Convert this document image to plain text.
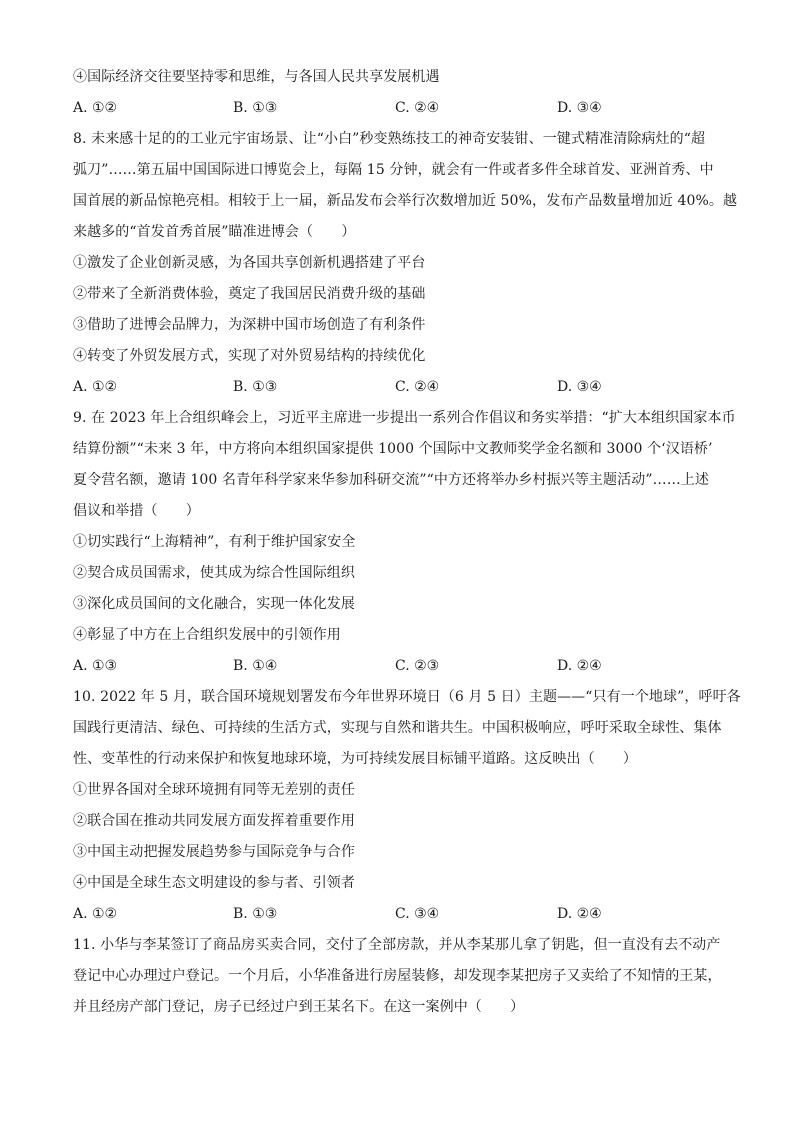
④国际经济交往要坚持零和思维，与各国人民共享发展机遇
A. ①②	B. ①③	C. ②④	D. ③④
8. 未来感十足的的工业元宇宙场景、让“小白”秒变熟练技工的神奇安装钳、一键式精准清除病灶的“超
弧刀”……第五届中国国际进口博览会上，每隔 15 分钟，就会有一件或者多件全球首发、亚洲首秀、中
国首展的新品惊艳亮相。相较于上一届，新品发布会举行次数增加近 50%，发布产品数量增加近 40%。越
来越多的“首发首秀首展”瞄准进博会（　　）
①激发了企业创新灵感，为各国共享创新机遇搭建了平台
②带来了全新消费体验，奠定了我国居民消费升级的基础
③借助了进博会品牌力，为深耕中国市场创造了有利条件
④转变了外贸发展方式，实现了对外贸易结构的持续优化
A. ①②	B. ①③	C. ②④	D. ③④
9. 在 2023 年上合组织峰会上，习近平主席进一步提出一系列合作倡议和务实举措：“扩大本组织国家本币
结算份额”“未来 3 年，中方将向本组织国家提供 1000 个国际中文教师奖学金名额和 3000 个‘汉语桥’
夏令营名额，邀请 100 名青年科学家来华参加科研交流”“中方还将举办乡村振兴等主题活动”……上述
倡议和举措（　　）
①切实践行“上海精神”，有利于维护国家安全
②契合成员国需求，使其成为综合性国际组织
③深化成员国间的文化融合，实现一体化发展
④彰显了中方在上合组织发展中的引领作用
A. ①③	B. ①④	C. ②③	D. ②④
10. 2022 年 5 月，联合国环境规划署发布今年世界环境日（6 月 5 日）主题——“只有一个地球”，呼吁各
国践行更清洁、绿色、可持续的生活方式，实现与自然和谐共生。中国积极响应，呼吁采取全球性、集体
性、变革性的行动来保护和恢复地球环境，为可持续发展目标铺平道路。这反映出（　　）
①世界各国对全球环境拥有同等无差别的责任
②联合国在推动共同发展方面发挥着重要作用
③中国主动把握发展趋势参与国际竞争与合作
④中国是全球生态文明建设的参与者、引领者
A. ①②	B. ①③	C. ③④	D. ②④
11. 小华与李某签订了商品房买卖合同，交付了全部房款，并从李某那儿拿了钥匙，但一直没有去不动产
登记中心办理过户登记。一个月后，小华准备进行房屋装修，却发现李某把房子又卖给了不知情的王某，
并且经房产部门登记，房子已经过户到王某名下。在这一案例中（　　）
